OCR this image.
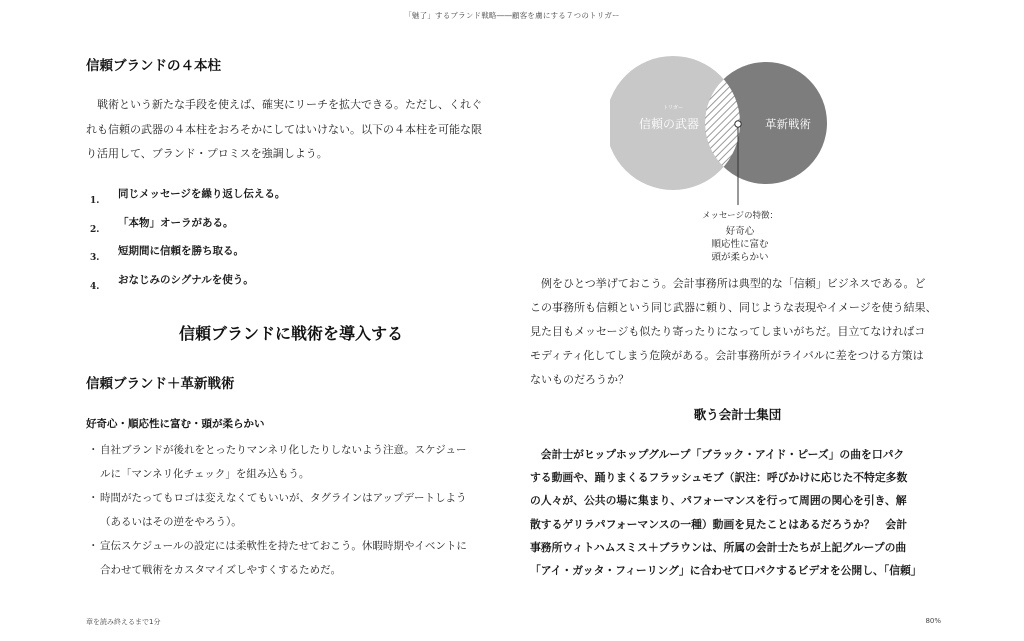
「魅了」するブランド戦略――顧客を虜にする７つのトリガー
信頼ブランドの４本柱
　戦術という新たな手段を使えば、確実にリーチを拡大できる。ただし、くれぐ
れも信頼の武器の４本柱をおろそかにしてはいけない。以下の４本柱を可能な限
り活用して、ブランド・プロミスを強調しよう。
1.
同じメッセージを繰り返し伝える。
2.
「本物」オーラがある。
3.
短期間に信頼を勝ち取る。
4.
おなじみのシグナルを使う。
信頼ブランドに戦術を導入する
信頼ブランド＋革新戦術
好奇心・順応性に富む・頭が柔らかい
・ 自社ブランドが後れをとったりマンネリ化したりしないよう注意。スケジュー
ルに「マンネリ化チェック」を組み込もう。
・ 時間がたってもロゴは変えなくてもいいが、タグラインはアップデートしよう
（あるいはその逆をやろう）。
・ 宣伝スケジュールの設定には柔軟性を持たせておこう。休暇時期やイベントに
合わせて戦術をカスタマイズしやすくするためだ。
トリガー
信頼の武器	革新戦術
メッセージの特徴：
好奇心
順応性に富む
頭が柔らかい
　例をひとつ挙げておこう。会計事務所は典型的な「信頼」ビジネスである。ど
この事務所も信頼という同じ武器に頼り、同じような表現やイメージを使う結果、
見た目もメッセージも似たり寄ったりになってしまいがちだ。目立てなければコ
モディティ化してしまう危険がある。会計事務所がライバルに差をつける方策は
ないものだろうか？
歌う会計士集団
　会計士がヒップホップグループ「ブラック・アイド・ピーズ」の曲を口パク
する動画や、踊りまくるフラッシュモブ（訳注：呼びかけに応じた不特定多数
の人々が、公共の場に集まり、パフォーマンスを行って周囲の関心を引き、解
散するゲリラパフォーマンスの一種）動画を見たことはあるだろうか？　会計
事務所ウィトハムスミス＋ブラウンは、所属の会計士たちが上記グループの曲
「アイ・ガッタ・フィーリング」に合わせて口パクするビデオを公開し、「信頼」
章を読み終えるまで1分	80%
